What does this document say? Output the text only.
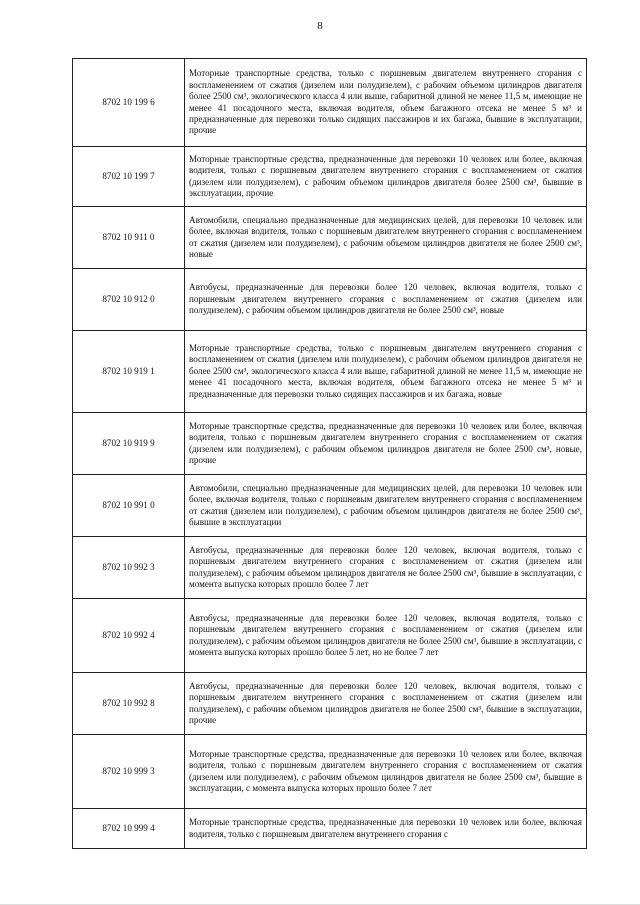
8
8702 10 199 6	Моторные транспортные средства, только с поршневым двигателем внутреннего сгорания с воспламенением от сжатия (дизелем или полудизелем), с рабочим объемом цилиндров двигателя более 2500 см³, экологического класса 4 или выше, габаритной длиной не менее 11,5 м, имеющие не менее 41 посадочного места, включая водителя, объем багажного отсека не менее 5 м³ и предназначенные для перевозки только сидящих пассажиров и их багажа, бывшие в эксплуатации, прочие
8702 10 199 7	Моторные транспортные средства, предназначенные для перевозки 10 человек или более, включая водителя, только с поршневым двигателем внутреннего сгорания с воспламенением от сжатия (дизелем или полудизелем), с рабочим объемом цилиндров двигателя более 2500 см³, бывшие в эксплуатации, прочие
8702 10 911 0	Автомобили, специально предназначенные для медицинских целей, для перевозки 10 человек или более, включая водителя, только с поршневым двигателем внутреннего сгорания с воспламенением от сжатия (дизелем или полудизелем), с рабочим объемом цилиндров двигателя не более 2500 см³, новые
8702 10 912 0	Автобусы, предназначенные для перевозки более 120 человек, включая водителя, только с поршневым двигателем внутреннего сгорания с воспламенением от сжатия (дизелем или полудизелем), с рабочим объемом цилиндров двигателя не более 2500 см³, новые
8702 10 919 1	Моторные транспортные средства, только с поршневым двигателем внутреннего сгорания с воспламенением от сжатия (дизелем или полудизелем), с рабочим объемом цилиндров двигателя не более 2500 см³, экологического класса 4 или выше, габаритной длиной не менее 11,5 м, имеющие не менее 41 посадочного места, включая водителя, объем багажного отсека не менее 5 м³ и предназначенные для перевозки только сидящих пассажиров и их багажа, новые
8702 10 919 9	Моторные транспортные средства, предназначенные для перевозки 10 человек или более, включая водителя, только с поршневым двигателем внутреннего сгорания с воспламенением от сжатия (дизелем или полудизелем), с рабочим объемом цилиндров двигателя не более 2500 см³, новые, прочие
8702 10 991 0	Автомобили, специально предназначенные для медицинских целей, для перевозки 10 человек или более, включая водителя, только с поршневым двигателем внутреннего сгорания с воспламенением от сжатия (дизелем или полудизелем), с рабочим объемом цилиндров двигателя не более 2500 см³, бывшие в эксплуатации
8702 10 992 3	Автобусы, предназначенные для перевозки более 120 человек, включая водителя, только с поршневым двигателем внутреннего сгорания с воспламенением от сжатия (дизелем или полудизелем), с рабочим объемом цилиндров двигателя не более 2500 см³, бывшие в эксплуатации, с момента выпуска которых прошло более 7 лет
8702 10 992 4	Автобусы, предназначенные для перевозки более 120 человек, включая водителя, только с поршневым двигателем внутреннего сгорания с воспламенением от сжатия (дизелем или полудизелем), с рабочим объемом цилиндров двигателя не более 2500 см³, бывшие в эксплуатации, с момента выпуска которых прошло более 5 лет, но не более 7 лет
8702 10 992 8	Автобусы, предназначенные для перевозки более 120 человек, включая водителя, только с поршневым двигателем внутреннего сгорания с воспламенением от сжатия (дизелем или полудизелем), с рабочим объемом цилиндров двигателя не более 2500 см³, бывшие в эксплуатации, прочие
8702 10 999 3	Моторные транспортные средства, предназначенные для перевозки 10 человек или более, включая водителя, только с поршневым двигателем внутреннего сгорания с воспламенением от сжатия (дизелем или полудизелем), с рабочим объемом цилиндров двигателя не более 2500 см³, бывшие в эксплуатации, с момента выпуска которых прошло более 7 лет
8702 10 999 4	Моторные транспортные средства, предназначенные для перевозки 10 человек или более, включая водителя, только с поршневым двигателем внутреннего сгорания с
